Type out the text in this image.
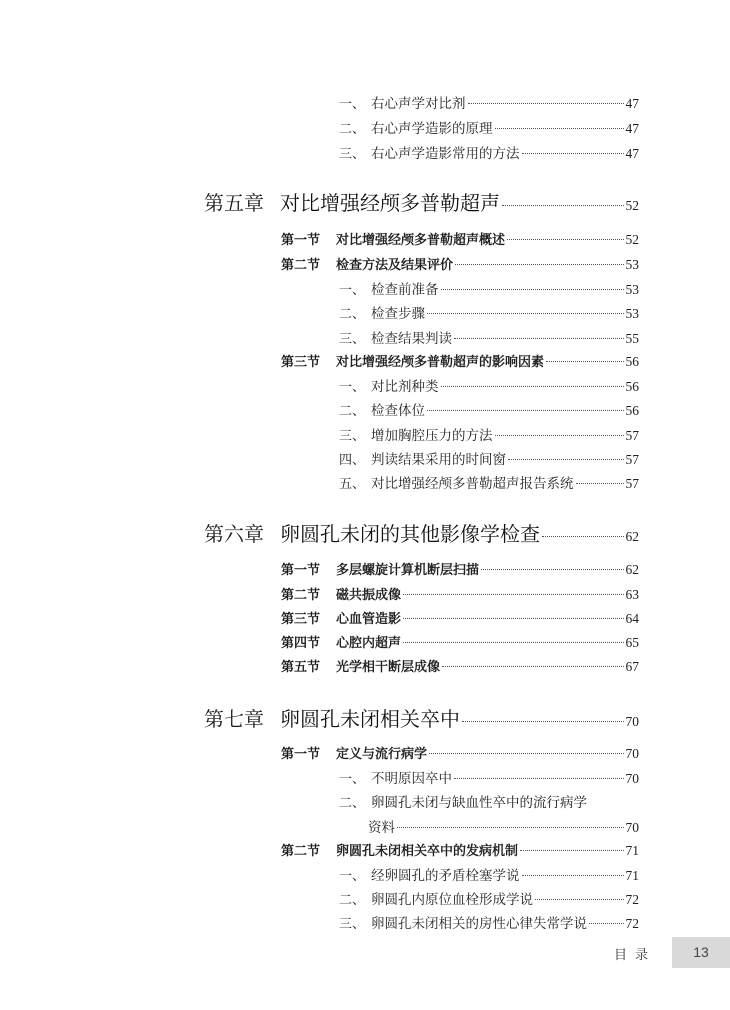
一、 右心声学对比剂	47
二、 右心声学造影的原理	47
三、 右心声学造影常用的方法	47
第五章 对比增强经颅多普勒超声	52
第一节 对比增强经颅多普勒超声概述	52
第二节 检查方法及结果评价	53
一、 检查前准备	53
二、 检查步骤	53
三、 检查结果判读	55
第三节 对比增强经颅多普勒超声的影响因素	56
一、 对比剂种类	56
二、 检查体位	56
三、 增加胸腔压力的方法	57
四、 判读结果采用的时间窗	57
五、 对比增强经颅多普勒超声报告系统	57
第六章 卵圆孔未闭的其他影像学检查	62
第一节 多层螺旋计算机断层扫描	62
第二节 磁共振成像	63
第三节 心血管造影	64
第四节 心腔内超声	65
第五节 光学相干断层成像	67
第七章 卵圆孔未闭相关卒中	70
第一节 定义与流行病学	70
一、 不明原因卒中	70
二、 卵圆孔未闭与缺血性卒中的流行病学
资料	70
第二节 卵圆孔未闭相关卒中的发病机制	71
一、 经卵圆孔的矛盾栓塞学说	71
二、 卵圆孔内原位血栓形成学说	72
三、 卵圆孔未闭相关的房性心律失常学说	72
目录	13
